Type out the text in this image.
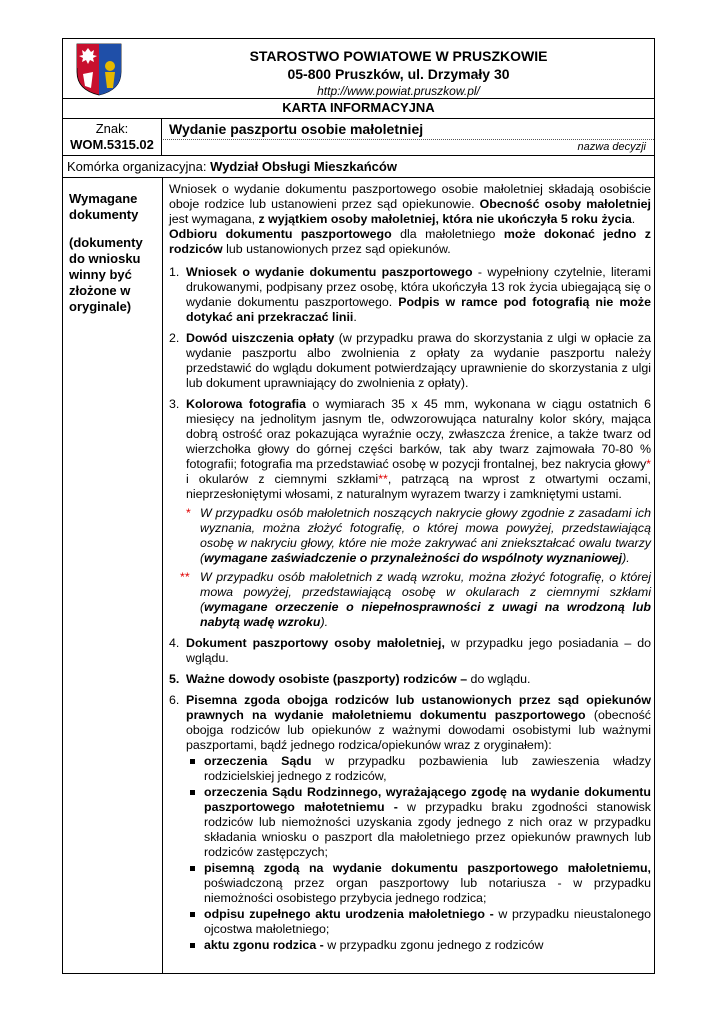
STAROSTWO POWIATOWE W PRUSZKOWIE
05-800 Pruszków, ul. Drzymały 30
http://www.powiat.pruszkow.pl/
KARTA INFORMACYJNA
Znak:
WOM.5315.02
Wydanie paszportu osobie małoletniej
nazwa decyzji
Komórka organizacyjna: Wydział Obsługi Mieszkańców
Wymagane dokumenty
(dokumenty do wniosku winny być złożone w oryginale)

Wniosek o wydanie dokumentu paszportowego osobie małoletniej składają osobiście oboje rodzice lub ustanowieni przez sąd opiekunowie. Obecność osoby małoletniej jest wymagana, z wyjątkiem osoby małoletniej, która nie ukończyła 5 roku życia.

Odbioru dokumentu paszportowego dla małoletniego może dokonać jedno z rodziców lub ustanowionych przez sąd opiekunów.

1. Wniosek o wydanie dokumentu paszportowego - wypełniony czytelnie, literami drukowanymi, podpisany przez osobę, która ukończyła 13 rok życia ubiegającą się o wydanie dokumentu paszportowego. Podpis w ramce pod fotografią nie może dotykać ani przekraczać linii.
2. Dowód uiszczenia opłaty (w przypadku prawa do skorzystania z ulgi w opłacie za wydanie paszportu albo zwolnienia z opłaty za wydanie paszportu należy przedstawić do wglądu dokument potwierdzający uprawnienie do skorzystania z ulgi lub dokument uprawniający do zwolnienia z opłaty).
3. Kolorowa fotografia o wymiarach 35 x 45 mm, wykonana w ciągu ostatnich 6 miesięcy na jednolitym jasnym tle, odwzorowująca naturalny kolor skóry, mająca dobrą ostrość oraz pokazująca wyraźnie oczy, zwłaszcza źrenice, a także twarz od wierzchołka głowy do górnej części barków, tak aby twarz zajmowała 70-80 % fotografii; fotografia ma przedstawiać osobę w pozycji frontalnej, bez nakrycia głowy* i okularów z ciemnymi szkłami**, patrzącą na wprost z otwartymi oczami, nieprzesłoniętymi włosami, z naturalnym wyrazem twarzy i zamkniętymi ustami.
* W przypadku osób małoletnich noszących nakrycie głowy zgodnie z zasadami ich wyznania, można złożyć fotografię, o której mowa powyżej, przedstawiającą osobę w nakryciu głowy, które nie może zakrywać ani zniekształcać owalu twarzy (wymagane zaświadczenie o przynależności do wspólnoty wyznaniowej).
** W przypadku osób małoletnich z wadą wzroku, można złożyć fotografię, o której mowa powyżej, przedstawiającą osobę w okularach z ciemnymi szkłami (wymagane orzeczenie o niepełnosprawności z uwagi na wrodzoną lub nabytą wadę wzroku).
4. Dokument paszportowy osoby małoletniej, w przypadku jego posiadania – do wglądu.
5. Ważne dowody osobiste (paszporty) rodziców – do wglądu.
6. Pisemna zgoda obojga rodziców lub ustanowionych przez sąd opiekunów prawnych na wydanie małoletniemu dokumentu paszportowego (obecność obojga rodziców lub opiekunów z ważnymi dowodami osobistymi lub ważnymi paszportami, bądź jednego rodzica/opiekunów wraz z oryginałem):
orzeczenia Sądu w przypadku pozbawienia lub zawieszenia władzy rodzicielskiej jednego z rodziców,
orzeczenia Sądu Rodzinnego, wyrażającego zgodę na wydanie dokumentu paszportowego małotetniemu - w przypadku braku zgodności stanowisk rodziców lub niemożności uzyskania zgody jednego z nich oraz w przypadku składania wniosku o paszport dla małoletniego przez opiekunów prawnych lub rodziców zastępczych;
pisemną zgodą na wydanie dokumentu paszportowego małoletniemu, poświadczoną przez organ paszportowy lub notariusza - w przypadku niemożności osobistego przybycia jednego rodzica;
odpisu zupełnego aktu urodzenia małoletniego - w przypadku nieustalonego ojcostwa małoletniego;
aktu zgonu rodzica - w przypadku zgonu jednego z rodziców
